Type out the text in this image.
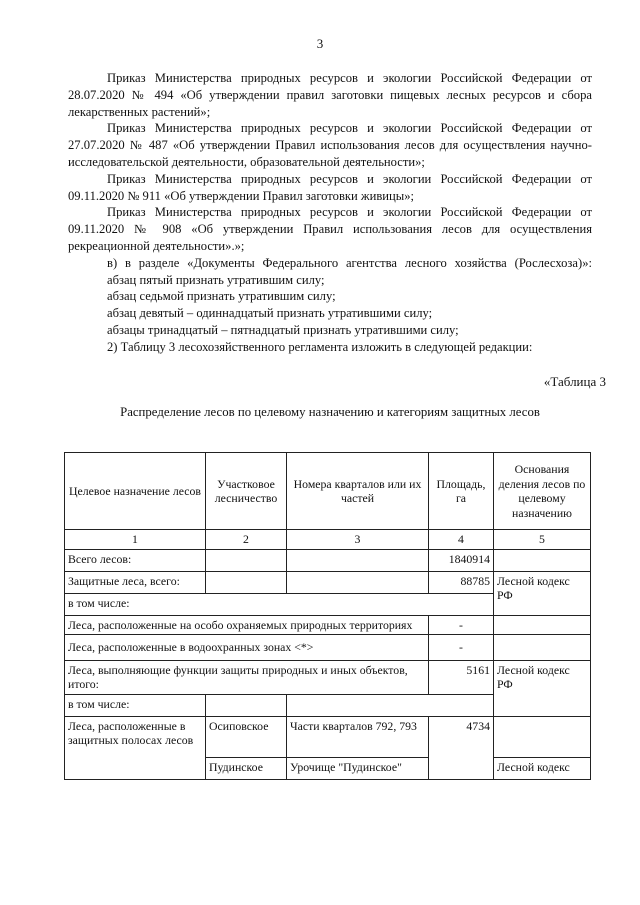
3

Приказ Министерства природных ресурсов и экологии Российской Федерации от 28.07.2020 № 494 «Об утверждении правил заготовки пищевых лесных ресурсов и сбора лекарственных растений»;

Приказ Министерства природных ресурсов и экологии Российской Федерации от 27.07.2020 № 487 «Об утверждении Правил использования лесов для осуществления научно-исследовательской деятельности, образовательной деятельности»;

Приказ Министерства природных ресурсов и экологии Российской Федерации от 09.11.2020 № 911 «Об утверждении Правил заготовки живицы»;

Приказ Министерства природных ресурсов и экологии Российской Федерации от 09.11.2020 № 908 «Об утверждении Правил использования лесов для осуществления рекреационной деятельности».»;

в) в разделе «Документы Федерального агентства лесного хозяйства (Рослесхоза)»:

абзац пятый признать утратившим силу;

абзац седьмой признать утратившим силу;

абзац девятый – одиннадцатый признать утратившими силу;

абзацы тринадцатый – пятнадцатый признать утратившими силу;

2) Таблицу 3 лесохозяйственного регламента изложить в следующей редакции:

«Таблица 3
Распределение лесов по целевому назначению и категориям защитных лесов
Целевое назначение лесов	Участковое лесничество	Номера кварталов или их частей	Площадь, га	Основания деления лесов по целевому назначению
1	2	3	4	5
Всего лесов:			1840914	
Защитные леса, всего:			88785	Лесной кодекс РФ
в том числе:				
Леса, расположенные на особо охраняемых природных территориях			-	
Леса, расположенные в водоохранных зонах <*>			-	
Леса, выполняющие функции защиты природных и иных объектов, итого:			5161	Лесной кодекс РФ
в том числе:				
Леса, расположенные в защитных полосах лесов	Осиповское	Части кварталов 792, 793	4734	
	Пудинское	Урочище "Пудинское"		Лесной кодекс
